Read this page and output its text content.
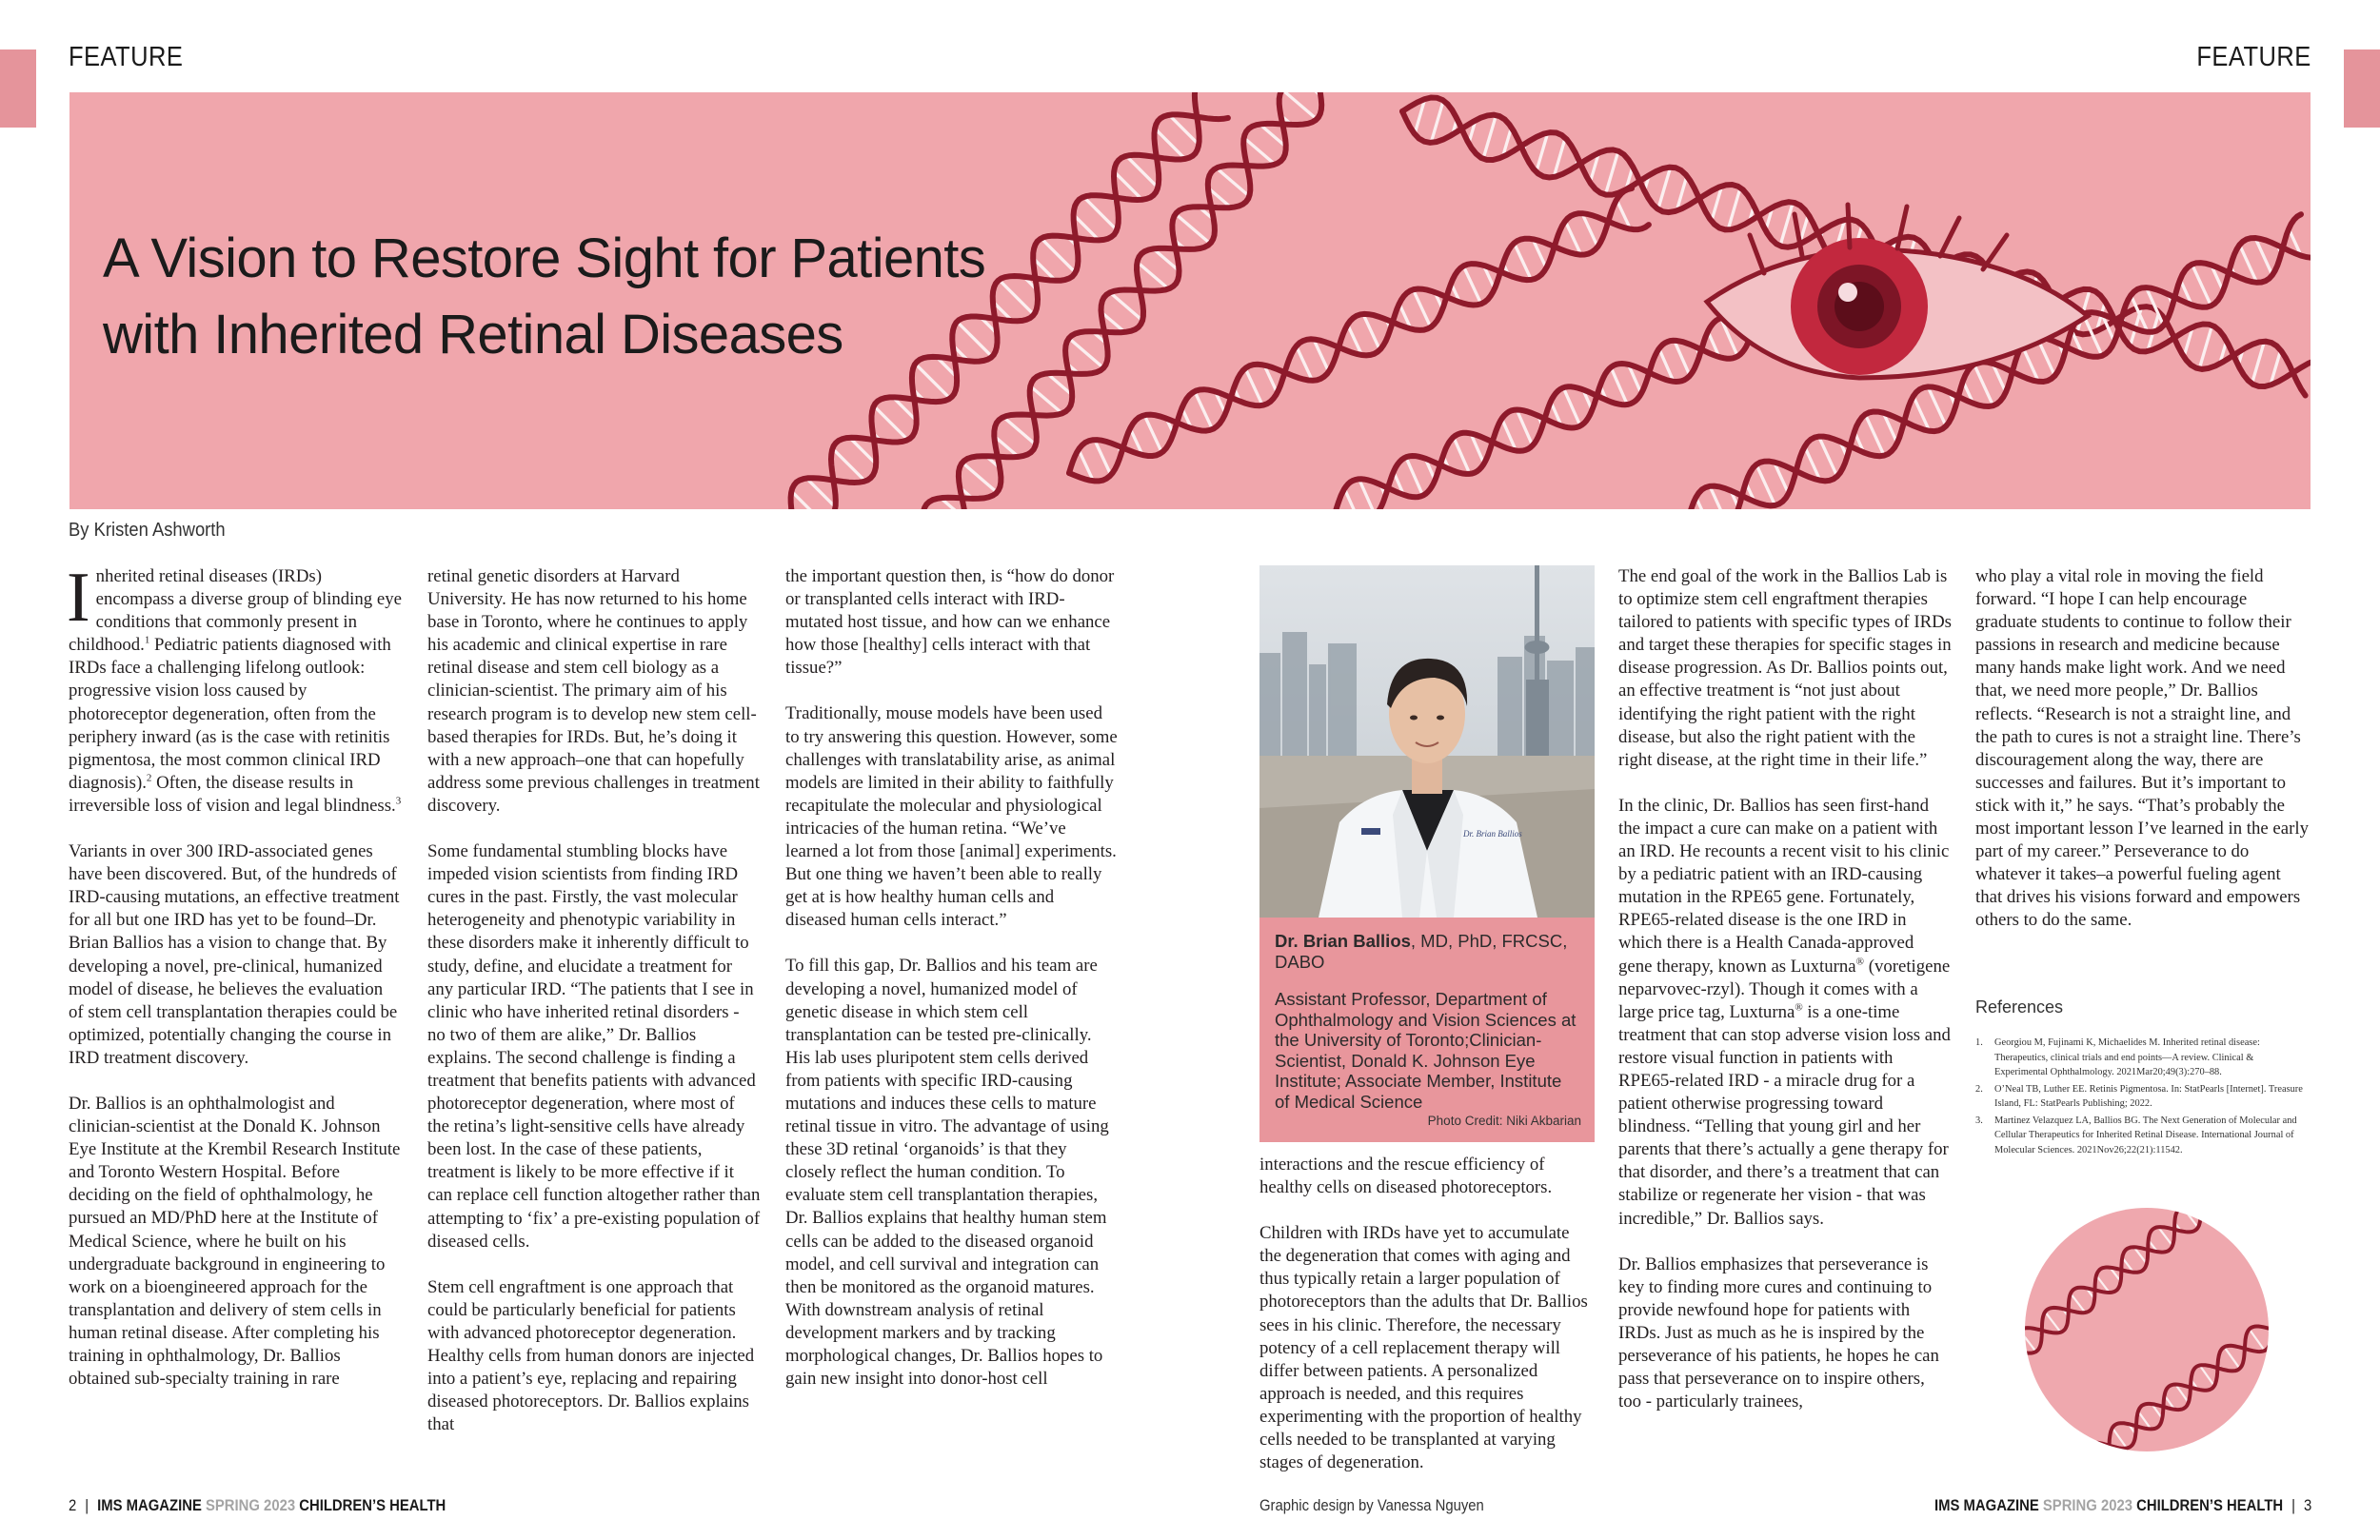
FEATURE	FEATURE
A Vision to Restore Sight for Patients
with Inherited Retinal Diseases
By Kristen Ashworth

Inherited retinal diseases (IRDs) encompass a diverse group of blinding eye conditions that commonly present in childhood.$^1$ Pediatric patients diagnosed with IRDs face a challenging lifelong outlook: progressive vision loss caused by photoreceptor degeneration, often from the periphery inward (as is the case with retinitis pigmentosa, the most common clinical IRD diagnosis).$^2$ Often, the disease results in irreversible loss of vision and legal blindness.$^3$

Variants in over 300 IRD-associated genes have been discovered. But, of the hundreds of IRD-causing mutations, an effective treatment for all but one IRD has yet to be found–Dr. Brian Ballios has a vision to change that. By developing a novel, pre-clinical, humanized model of disease, he believes the evaluation of stem cell transplantation therapies could be optimized, potentially changing the course in IRD treatment discovery.

Dr. Ballios is an ophthalmologist and clinician-scientist at the Donald K. Johnson Eye Institute at the Krembil Research Institute and Toronto Western Hospital. Before deciding on the field of ophthalmology, he pursued an MD/PhD here at the Institute of Medical Science, where he built on his undergraduate background in engineering to work on a bioengineered approach for the transplantation and delivery of stem cells in human retinal disease. After completing his training in ophthalmology, Dr. Ballios obtained sub-specialty training in rare

retinal genetic disorders at Harvard University. He has now returned to his home base in Toronto, where he continues to apply his academic and clinical expertise in rare retinal disease and stem cell biology as a clinician-scientist. The primary aim of his research program is to develop new stem cell-based therapies for IRDs. But, he’s doing it with a new approach–one that can hopefully address some previous challenges in treatment discovery.

Some fundamental stumbling blocks have impeded vision scientists from finding IRD cures in the past. Firstly, the vast molecular heterogeneity and phenotypic variability in these disorders make it inherently difficult to study, define, and elucidate a treatment for any particular IRD. “The patients that I see in clinic who have inherited retinal disorders - no two of them are alike,” Dr. Ballios explains. The second challenge is finding a treatment that benefits patients with advanced photoreceptor degeneration, where most of the retina’s light-sensitive cells have already been lost. In the case of these patients, treatment is likely to be more effective if it can replace cell function altogether rather than attempting to ‘fix’ a pre-existing population of diseased cells.

Stem cell engraftment is one approach that could be particularly beneficial for patients with advanced photoreceptor degeneration. Healthy cells from human donors are injected into a patient’s eye, replacing and repairing diseased photoreceptors. Dr. Ballios explains that

the important question then, is “how do donor or transplanted cells interact with IRD-mutated host tissue, and how can we enhance how those [healthy] cells interact with that tissue?”

Traditionally, mouse models have been used to try answering this question. However, some challenges with translatability arise, as animal models are limited in their ability to faithfully recapitulate the molecular and physiological intricacies of the human retina. “We’ve learned a lot from those [animal] experiments. But one thing we haven’t been able to really get at is how healthy human cells and diseased human cells interact.”

To fill this gap, Dr. Ballios and his team are developing a novel, humanized model of genetic disease in which stem cell transplantation can be tested pre-clinically. His lab uses pluripotent stem cells derived from patients with specific IRD-causing mutations and induces these cells to mature retinal tissue in vitro. The advantage of using these 3D retinal ‘organoids’ is that they closely reflect the human condition. To evaluate stem cell transplantation therapies, Dr. Ballios explains that healthy human stem cells can be added to the diseased organoid model, and cell survival and integration can then be monitored as the organoid matures. With downstream analysis of retinal development markers and by tracking morphological changes, Dr. Ballios hopes to gain new insight into donor-host cell

Dr. Brian Ballios
Dr. Brian Ballios, MD, PhD, FRCSC, DABO
Assistant Professor, Department of Ophthalmology and Vision Sciences at the University of Toronto;Clinician-Scientist, Donald K. Johnson Eye Institute; Associate Member, Institute of Medical Science
Photo Credit: Niki Akbarian

interactions and the rescue efficiency of healthy cells on diseased photoreceptors.

Children with IRDs have yet to accumulate the degeneration that comes with aging and thus typically retain a larger population of photoreceptors than the adults that Dr. Ballios sees in his clinic. Therefore, the necessary potency of a cell replacement therapy will differ between patients. A personalized approach is needed, and this requires experimenting with the proportion of healthy cells needed to be transplanted at varying stages of degeneration.

The end goal of the work in the Ballios Lab is to optimize stem cell engraftment therapies tailored to patients with specific types of IRDs and target these therapies for specific stages in disease progression. As Dr. Ballios points out, an effective treatment is “not just about identifying the right patient with the right disease, but also the right patient with the right disease, at the right time in their life.”

In the clinic, Dr. Ballios has seen first-hand the impact a cure can make on a patient with an IRD. He recounts a recent visit to his clinic by a pediatric patient with an IRD-causing mutation in the RPE65 gene. Fortunately, RPE65-related disease is the one IRD in which there is a Health Canada-approved gene therapy, known as Luxturna® (voretigene neparvovec-rzyl). Though it comes with a large price tag, Luxturna® is a one-time treatment that can stop adverse vision loss and restore visual function in patients with RPE65-related IRD - a miracle drug for a patient otherwise progressing toward blindness. “Telling that young girl and her parents that there’s actually a gene therapy for that disorder, and there’s a treatment that can stabilize or regenerate her vision - that was incredible,” Dr. Ballios says.

Dr. Ballios emphasizes that perseverance is key to finding more cures and continuing to provide newfound hope for patients with IRDs. Just as much as he is inspired by the perseverance of his patients, he hopes he can pass that perseverance on to inspire others, too - particularly trainees,

who play a vital role in moving the field forward. “I hope I can help encourage graduate students to continue to follow their passions in research and medicine because many hands make light work. And we need that, we need more people,” Dr. Ballios reflects. “Research is not a straight line, and the path to cures is not a straight line. There’s discouragement along the way, there are successes and failures. But it’s important to stick with it,” he says. “That’s probably the most important lesson I’ve learned in the early part of my career.” Perseverance to do whatever it takes–a powerful fueling agent that drives his visions forward and empowers others to do the same.

References
1. Georgiou M, Fujinami K, Michaelides M. Inherited retinal disease: Therapeutics, clinical trials and end points—A review. Clinical & Experimental Ophthalmology. 2021Mar20;49(3):270–88.
2. O’Neal TB, Luther EE. Retinis Pigmentosa. In: StatPearls [Internet]. Treasure Island, FL: StatPearls Publishing; 2022.
3. Martinez Velazquez LA, Ballios BG. The Next Generation of Molecular and Cellular Therapeutics for Inherited Retinal Disease. International Journal of Molecular Sciences. 2021Nov26;22(21):11542.
2 | IMS MAGAZINE SPRING 2023 CHILDREN’S HEALTH	Graphic design by Vanessa Nguyen	IMS MAGAZINE SPRING 2023 CHILDREN’S HEALTH | 3
